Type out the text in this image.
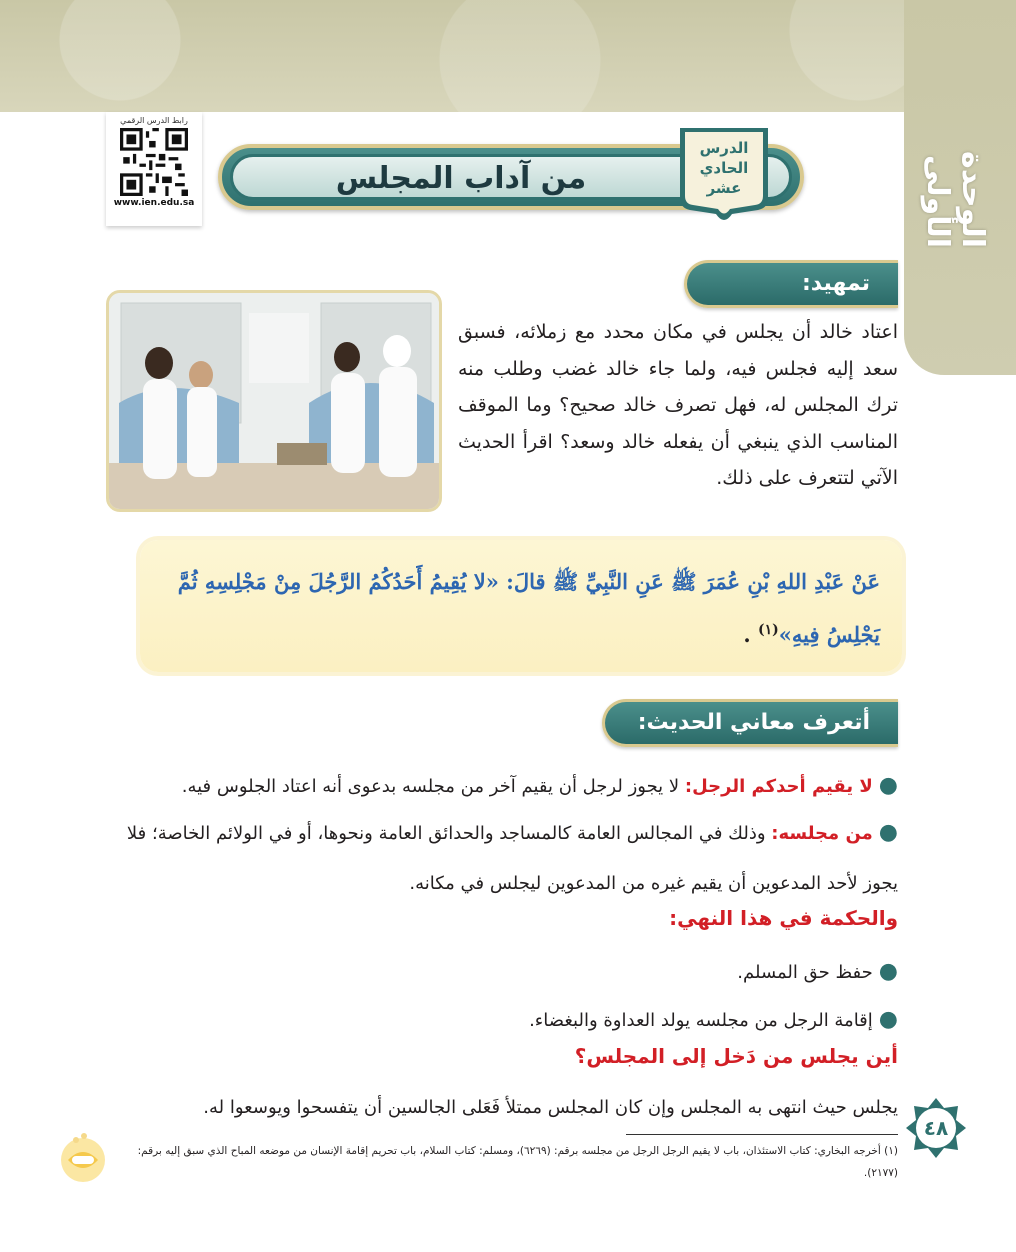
الوحدة الأولى
رابط الدرس الرقمي
www.ien.edu.sa
من آداب المجلس
الدرس
الحادي
عشر
تمهيد:

اعتاد خالد أن يجلس في مكان محدد مع زملائه، فسبق سعد إليه فجلس فيه، ولما جاء خالد غضب وطلب منه ترك المجلس له، فهل تصرف خالد صحيح؟ وما الموقف المناسب الذي ينبغي أن يفعله خالد وسعد؟ اقرأ الحديث الآتي لتتعرف على ذلك.

عَنْ عَبْدِ اللهِ بْنِ عُمَرَ ﷺ عَنِ النَّبِيِّ ﷺ قالَ: «لا يُقِيمُ أَحَدُكُمُ الرَّجُلَ مِنْ مَجْلِسِهِ ثُمَّ يَجْلِسُ فِيهِ»$^{(١)}$ .

أتعرف معاني الحديث:

●لا يقيم أحدكم الرجل: لا يجوز لرجل أن يقيم آخر من مجلسه بدعوى أنه اعتاد الجلوس فيه.

●من مجلسه: وذلك في المجالس العامة كالمساجد والحدائق العامة ونحوها، أو في الولائم الخاصة؛ فلا يجوز لأحد المدعوين أن يقيم غيره من المدعوين ليجلس في مكانه.

والحكمة في هذا النهي:

●حفظ حق المسلم.

●إقامة الرجل من مجلسه يولد العداوة والبغضاء.

أين يجلس من دَخل إلى المجلس؟

يجلس حيث انتهى به المجلس وإن كان المجلس ممتلأ فَعَلى الجالسين أن يتفسحوا ويوسعوا له.

(١) أخرجه البخاري: كتاب الاستئذان، باب لا يقيم الرجل الرجل من مجلسه برقم: (٦٢٦٩)، ومسلم: كتاب السلام، باب تحريم إقامة الإنسان من موضعه المباح الذي سبق إليه برقم: (٢١٧٧).

٤٨
